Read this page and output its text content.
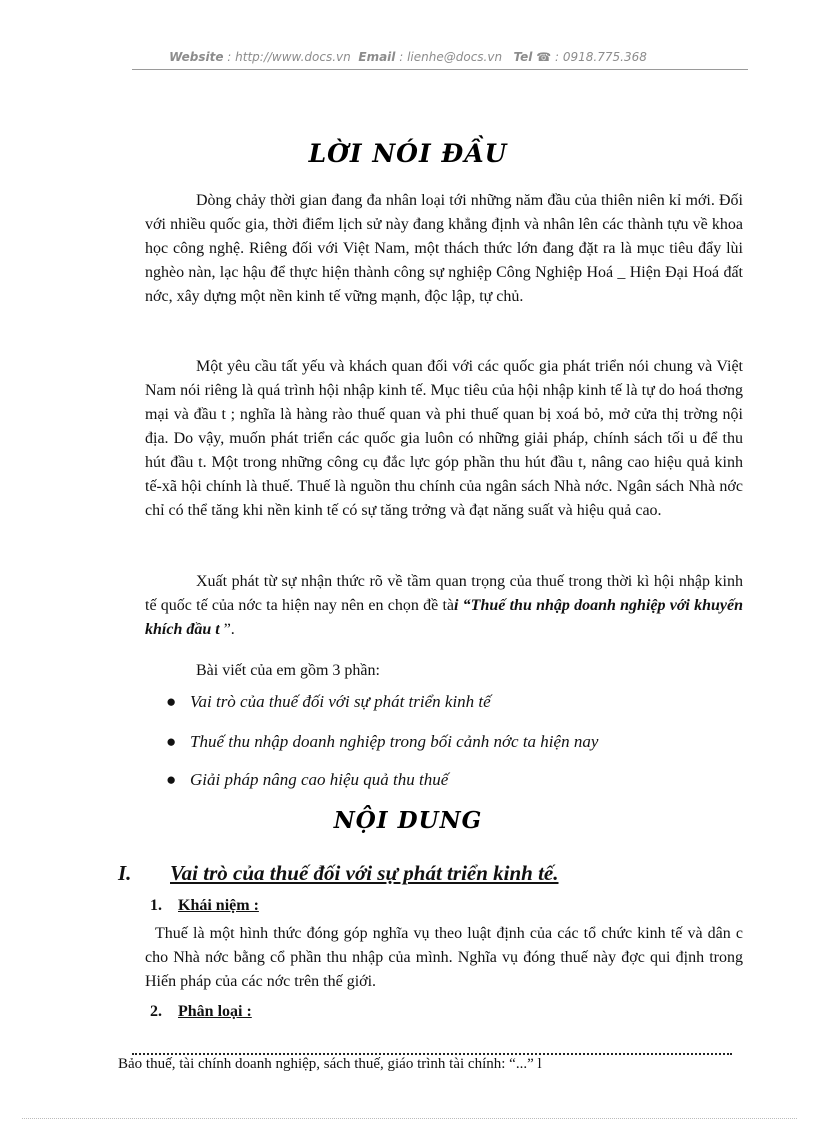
Website : http://www.docs.vn Email : lienhe@docs.vn Tel ☎ : 0918.775.368
LỜI NÓI ĐẦU

Dòng chảy thời gian đang đa nhân loại tới những năm đầu của thiên niên kỉ mới. Đối với nhiều quốc gia, thời điểm lịch sử này đang khẳng định và nhân lên các thành tựu về khoa học công nghệ. Riêng đối với Việt Nam, một thách thức lớn đang đặt ra là mục tiêu đẩy lùi nghèo nàn, lạc hậu để thực hiện thành công sự nghiệp Công Nghiệp Hoá _ Hiện Đại Hoá đất nớc, xây dựng một nền kinh tế vững mạnh, độc lập, tự chủ.

Một yêu cầu tất yếu và khách quan đối với các quốc gia phát triển nói chung và Việt Nam nói riêng là quá trình hội nhập kinh tế. Mục tiêu của hội nhập kinh tế là tự do hoá thơng mại và đầu t ; nghĩa là hàng rào thuế quan và phi thuế quan bị xoá bỏ, mở cửa thị trờng nội địa. Do vậy, muốn phát triển các quốc gia luôn có những giải pháp, chính sách tối u để thu hút đầu t. Một trong những công cụ đắc lực góp phần thu hút đầu t, nâng cao hiệu quả kinh tế-xã hội chính là thuế. Thuế là nguồn thu chính của ngân sách Nhà nớc. Ngân sách Nhà nớc chỉ có thể tăng khi nền kinh tế có sự tăng trởng và đạt năng suất và hiệu quả cao.

Xuất phát từ sự nhận thức rõ về tầm quan trọng của thuế trong thời kì hội nhập kinh tế quốc tế của nớc ta hiện nay nên en chọn đề tài “Thuế thu nhập doanh nghiệp với khuyến khích đầu t ”.

Bài viết của em gồm 3 phần:

● Vai trò của thuế đối với sự phát triển kinh tế
● Thuế thu nhập doanh nghiệp trong bối cảnh nớc ta hiện nay
● Giải pháp nâng cao hiệu quả thu thuế
NỘI DUNG
I. Vai trò của thuế đối với sự phát triển kinh tế.
1. Khái niệm :

Thuế là một hình thức đóng góp nghĩa vụ theo luật định của các tổ chức kinh tế và dân c cho Nhà nớc bằng cổ phần thu nhập của mình. Nghĩa vụ đóng thuế này đợc qui định trong Hiến pháp của các nớc trên thế giới.

2. Phân loại :
Bảo thuế, tài chính doanh nghiệp, sách thuế, giáo trình tài chính: “...” l
